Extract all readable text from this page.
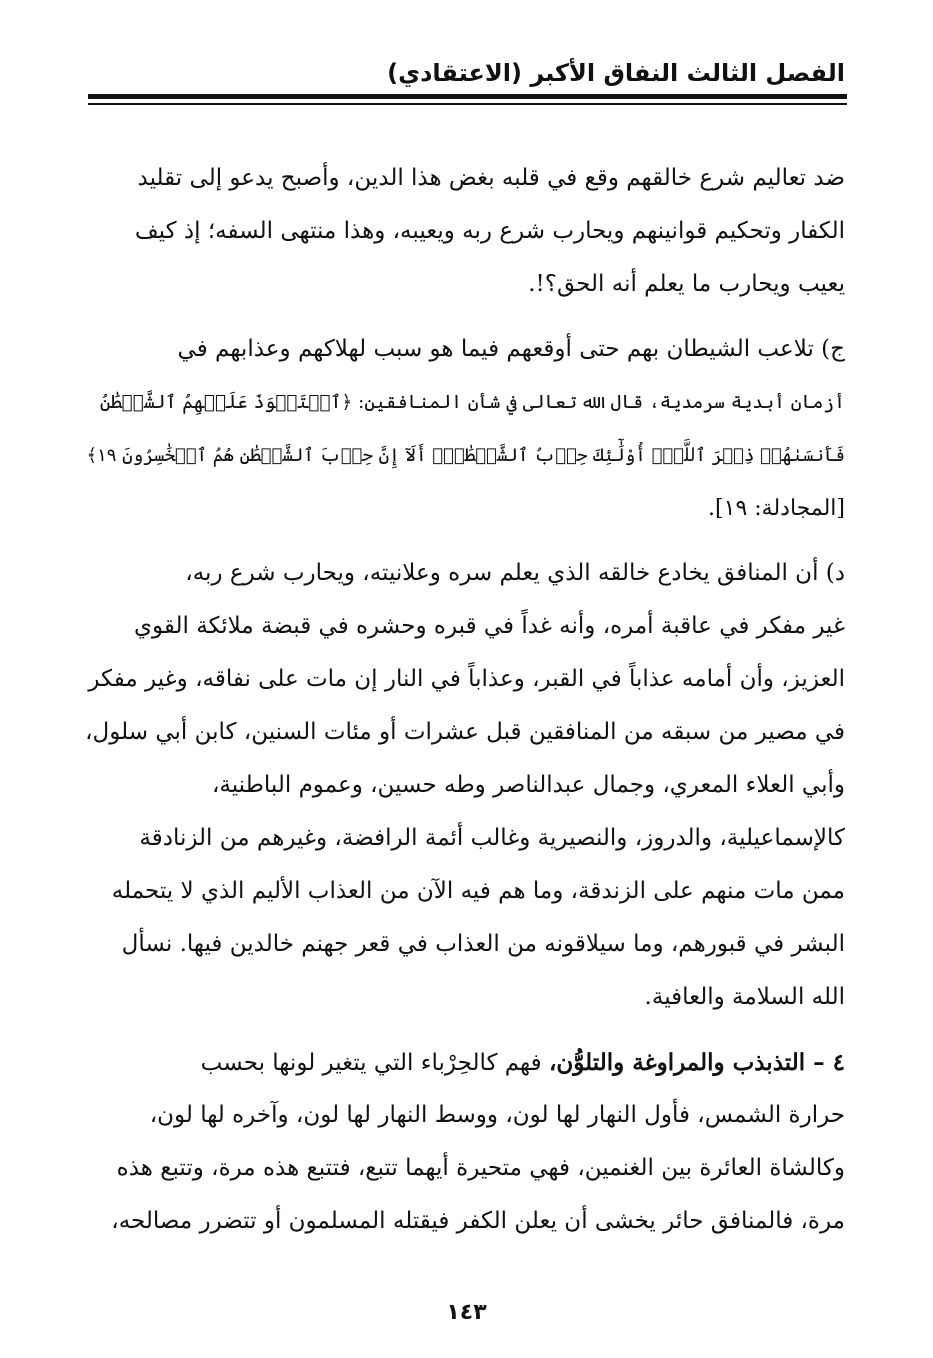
الفصل الثالث النفاق الأكبر (الاعتقادي)
ضد تعاليم شرع خالقهم وقع في قلبه بغض هذا الدين، وأصبح يدعو إلى تقليد
الكفار وتحكيم قوانينهم ويحارب شرع ربه ويعيبه، وهذا منتهى السفه؛ إذ كيف
يعيب ويحارب ما يعلم أنه الحق؟!.
ج) تلاعب الشيطان بهم حتى أوقعهم فيما هو سبب لهلاكهم وعذابهم في
أزمان أبدية سرمدية، قال الله تعالى في شأن المنافقين: ﴿ٱسۡتَحۡوَذَ عَلَيۡهِمُ ٱلشَّيۡطَٰنُ
فَأَنسَىٰهُمۡ ذِكۡرَ ٱللَّهِۚ أُوْلَٰٓئِكَ حِزۡبُ ٱلشَّيۡطَٰنِۚ أَلَآ إِنَّ حِزۡبَ ٱلشَّيۡطَٰنِ هُمُ ٱلۡخَٰسِرُونَ ١٩﴾
[المجادلة: ١٩].
د) أن المنافق يخادع خالقه الذي يعلم سره وعلانيته، ويحارب شرع ربه،
غير مفكر في عاقبة أمره، وأنه غداً في قبره وحشره في قبضة ملائكة القوي
العزيز، وأن أمامه عذاباً في القبر، وعذاباً في النار إن مات على نفاقه، وغير مفكر
في مصير من سبقه من المنافقين قبل عشرات أو مئات السنين، كابن أبي سلول،
وأبي العلاء المعري، وجمال عبدالناصر وطه حسين، وعموم الباطنية،
كالإسماعيلية، والدروز، والنصيرية وغالب أئمة الرافضة، وغيرهم من الزنادقة
ممن مات منهم على الزندقة، وما هم فيه الآن من العذاب الأليم الذي لا يتحمله
البشر في قبورهم، وما سيلاقونه من العذاب في قعر جهنم خالدين فيها. نسأل
الله السلامة والعافية.
٤ – التذبذب والمراوغة والتلوُّن، فهم كالحِرْباء التي يتغير لونها بحسب
حرارة الشمس، فأول النهار لها لون، ووسط النهار لها لون، وآخره لها لون،
وكالشاة العائرة بين الغنمين، فهي متحيرة أيهما تتبع، فتتبع هذه مرة، وتتبع هذه
مرة، فالمنافق حائر يخشى أن يعلن الكفر فيقتله المسلمون أو تتضرر مصالحه،
١٤٣
